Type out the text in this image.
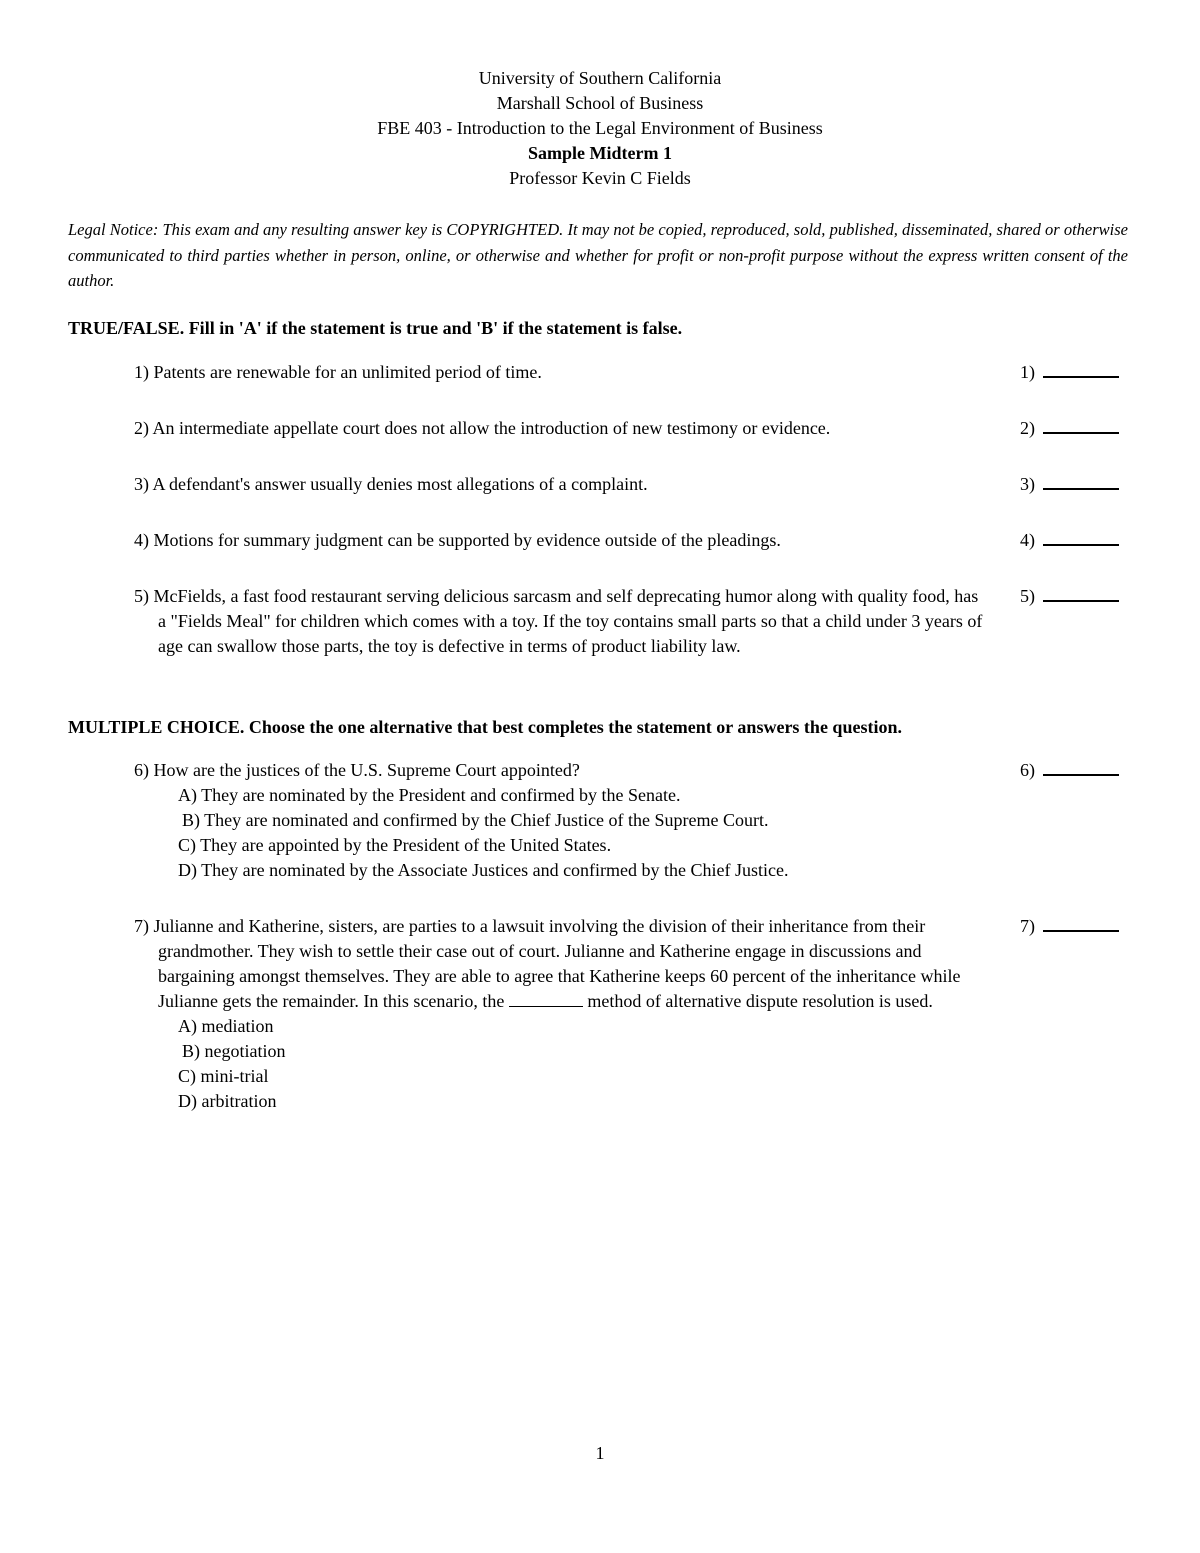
University of Southern California
Marshall School of Business
FBE 403 - Introduction to the Legal Environment of Business
Sample Midterm 1
Professor Kevin C Fields
Legal Notice: This exam and any resulting answer key is COPYRIGHTED. It may not be copied, reproduced, sold, published, disseminated, shared or otherwise communicated to third parties whether in person, online, or otherwise and whether for profit or non-profit purpose without the express written consent of the author.
TRUE/FALSE. Fill in 'A' if the statement is true and 'B' if the statement is false.
1) Patents are renewable for an unlimited period of time.	1)
2) An intermediate appellate court does not allow the introduction of new testimony or evidence.	2)
3) A defendant's answer usually denies most allegations of a complaint.	3)
4) Motions for summary judgment can be supported by evidence outside of the pleadings.	4)
5) McFields, a fast food restaurant serving delicious sarcasm and self deprecating humor along with quality food, has a "Fields Meal" for children which comes with a toy. If the toy contains small parts so that a child under 3 years of age can swallow those parts, the toy is defective in terms of product liability law.
5)
MULTIPLE CHOICE. Choose the one alternative that best completes the statement or answers the question.
6) How are the justices of the U.S. Supreme Court appointed?
A) They are nominated by the President and confirmed by the Senate.
B) They are nominated and confirmed by the Chief Justice of the Supreme Court.
C) They are appointed by the President of the United States.
D) They are nominated by the Associate Justices and confirmed by the Chief Justice.
6)
7) Julianne and Katherine, sisters, are parties to a lawsuit involving the division of their inheritance from their grandmother. They wish to settle their case out of court. Julianne and Katherine engage in discussions and bargaining amongst themselves. They are able to agree that Katherine keeps 60 percent of the inheritance while Julianne gets the remainder. In this scenario, the	method of alternative dispute resolution is used.
A) mediation
B) negotiation
C) mini-trial
D) arbitration
7)
1
